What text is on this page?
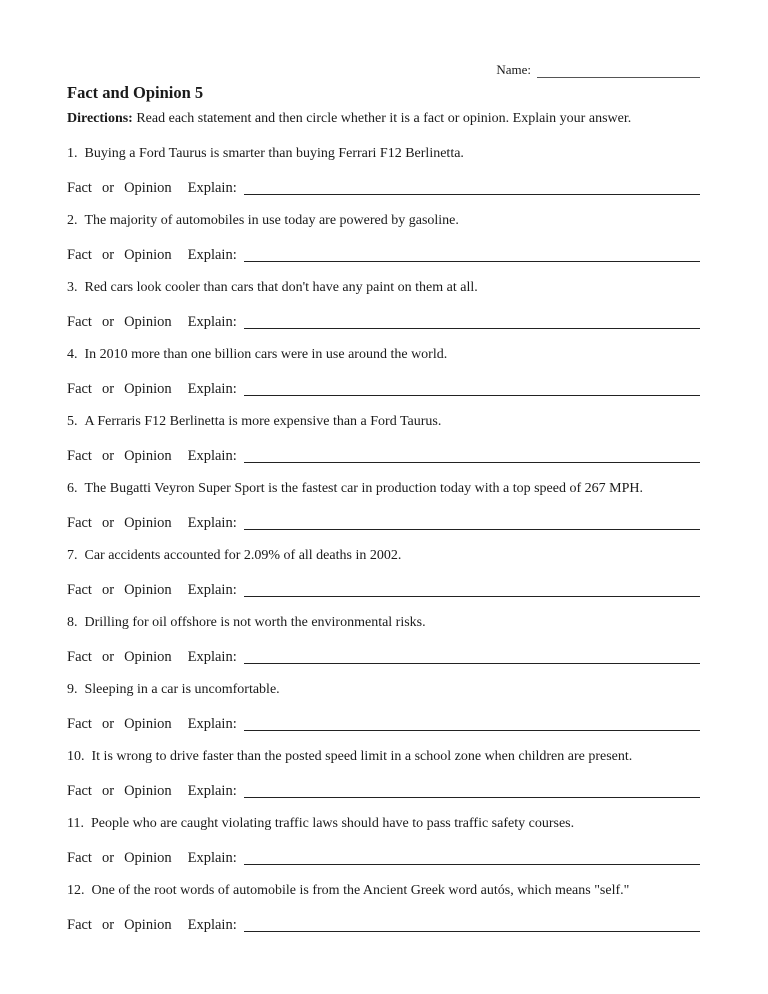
Name:
Fact and Opinion 5

Directions: Read each statement and then circle whether it is a fact or opinion. Explain your answer.

1. Buying a Ford Taurus is smarter than buying Ferrari F12 Berlinetta.

Fact or Opinion Explain:

2. The majority of automobiles in use today are powered by gasoline.

Fact or Opinion Explain:

3. Red cars look cooler than cars that don't have any paint on them at all.

Fact or Opinion Explain:

4. In 2010 more than one billion cars were in use around the world.

Fact or Opinion Explain:

5. A Ferraris F12 Berlinetta is more expensive than a Ford Taurus.

Fact or Opinion Explain:

6. The Bugatti Veyron Super Sport is the fastest car in production today with a top speed of 267 MPH.

Fact or Opinion Explain:

7. Car accidents accounted for 2.09% of all deaths in 2002.

Fact or Opinion Explain:

8. Drilling for oil offshore is not worth the environmental risks.

Fact or Opinion Explain:

9. Sleeping in a car is uncomfortable.

Fact or Opinion Explain:

10. It is wrong to drive faster than the posted speed limit in a school zone when children are present.

Fact or Opinion Explain:

11. People who are caught violating traffic laws should have to pass traffic safety courses.

Fact or Opinion Explain:

12. One of the root words of automobile is from the Ancient Greek word autós, which means "self."

Fact or Opinion Explain:
